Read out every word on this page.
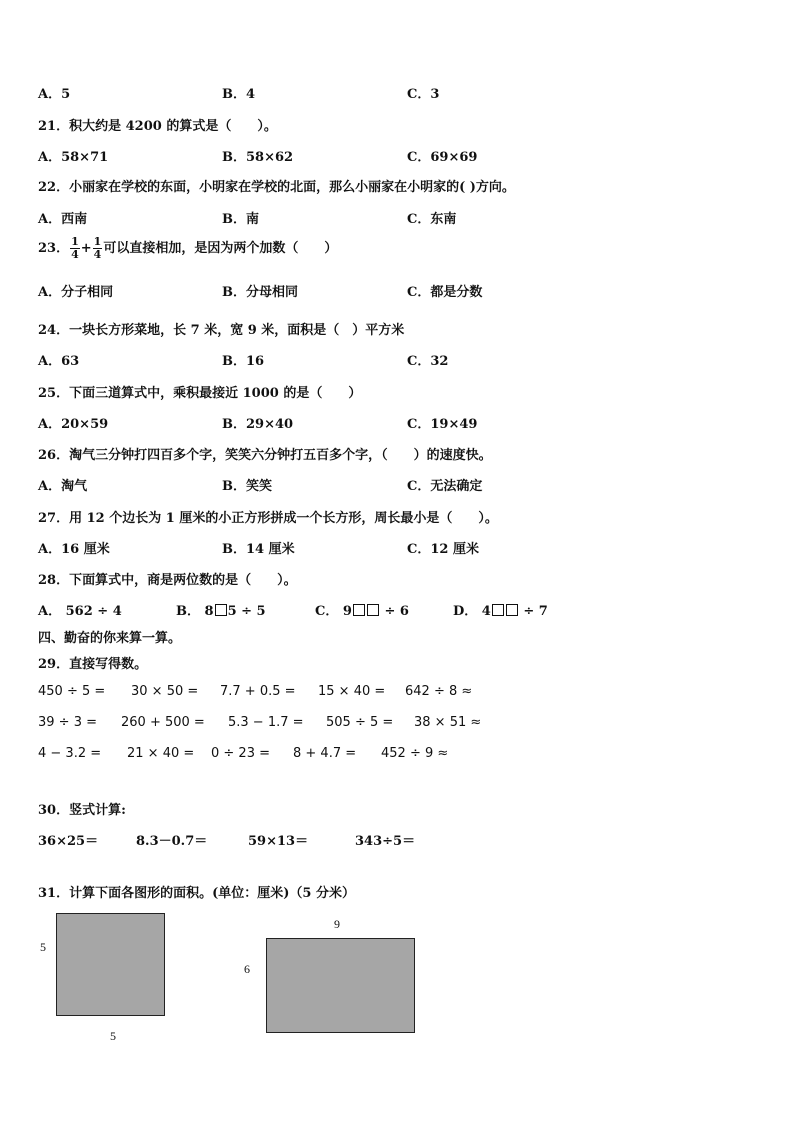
A．5	B．4	C．3
21．积大约是 4200 的算式是（　　）。
A．58×71	B．58×62	C．69×69
22．小丽家在学校的东面，小明家在学校的北面，那么小丽家在小明家的( )方向。
A．西南	B．南	C．东南
23． $\frac{1}{4} + \frac{1}{4}$ 可以直接相加，是因为两个加数（　　）
A．分子相同	B．分母相同	C．都是分数
24．一块长方形菜地，长 7 米，宽 9 米，面积是（　）平方米
A．63	B．16	C．32
25．下面三道算式中，乘积最接近 1000 的是（　　）
A．20×59	B．29×40	C．19×49
26．淘气三分钟打四百多个字，笑笑六分钟打五百多个字，（　　）的速度快。
A．淘气	B．笑笑	C．无法确定
27．用 12 个边长为 1 厘米的小正方形拼成一个长方形，周长最小是（　　）。
A．16 厘米	B．14 厘米	C．12 厘米
28．下面算式中，商是两位数的是（　　）。
A． 562 ÷ 4	B． 8 5 ÷ 5	C． 9 ÷ 6	D． 4 ÷ 7
四、勤奋的你来算一算。
29．直接写得数。
450 ÷ 5 = 30 × 50 = 7.7 + 0.5 = 15 × 40 = 642 ÷ 8 ≈
39 ÷ 3 = 260 + 500 = 5.3 − 1.7 = 505 ÷ 5 = 38 × 51 ≈
4 − 3.2 = 21 × 40 = 0 ÷ 23 = 8 + 4.7 = 452 ÷ 9 ≈
30．竖式计算:
36×25＝	8.3－0.7＝	59×13＝	343÷5＝
31．计算下面各图形的面积。(单位：厘米)（5 分米）
5
5
9
6
